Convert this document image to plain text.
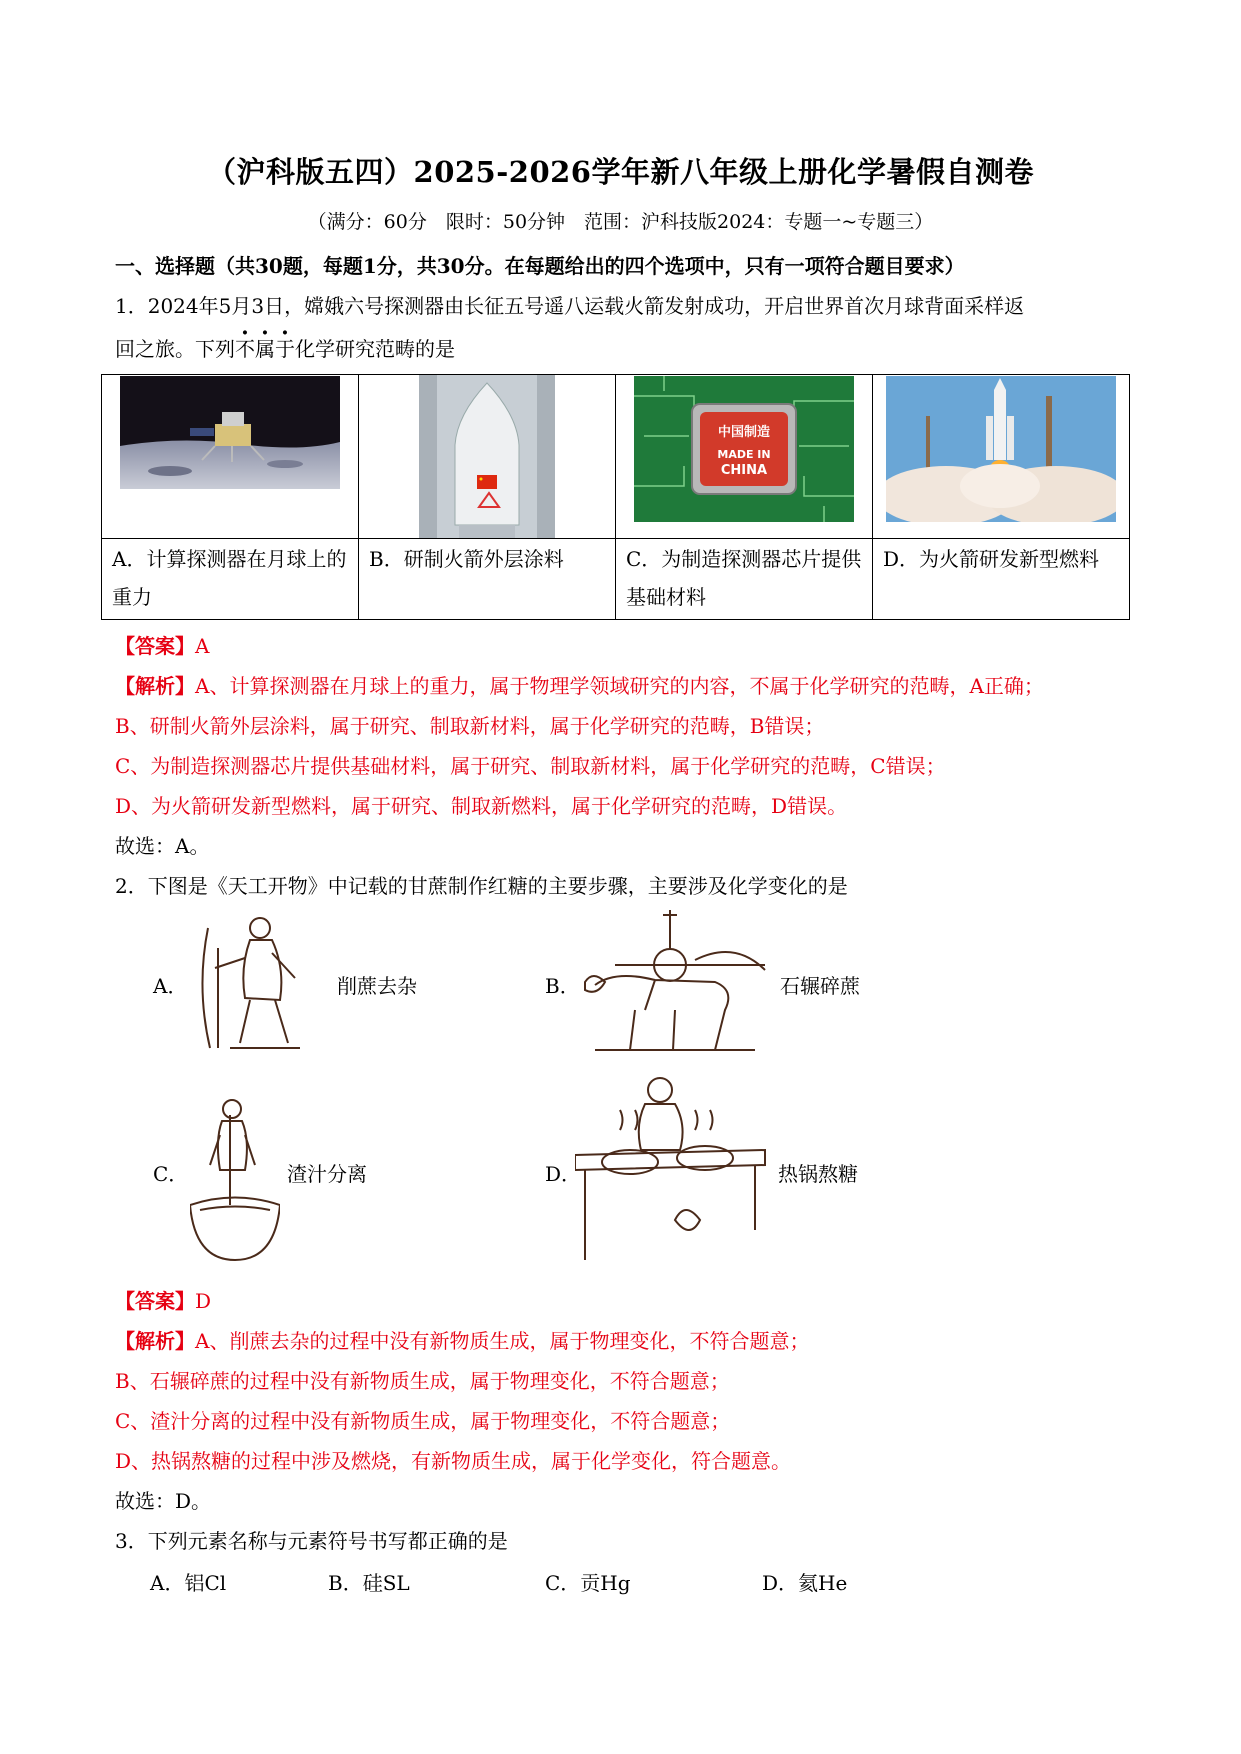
（沪科版五四）2025-2026学年新八年级上册化学暑假自测卷
（满分：60分　限时：50分钟　范围：沪科技版2024：专题一~专题三）
一、选择题（共30题，每题1分，共30分。在每题给出的四个选项中，只有一项符合题目要求）
1．2024年5月3日，嫦娥六号探测器由长征五号遥八运载火箭发射成功，开启世界首次月球背面采样返
回之旅。下列不属于化学研究范畴的是

中国制造
MADE IN
CHINA

A．计算探测器在月球上的重力	B．研制火箭外层涂料	C．为制造探测器芯片提供基础材料	D．为火箭研发新型燃料
【答案】A
【解析】A、计算探测器在月球上的重力，属于物理学领域研究的内容，不属于化学研究的范畴，A正确；
B、研制火箭外层涂料，属于研究、制取新材料，属于化学研究的范畴，B错误；
C、为制造探测器芯片提供基础材料，属于研究、制取新材料，属于化学研究的范畴，C错误；
D、为火箭研发新型燃料，属于研究、制取新燃料，属于化学研究的范畴，D错误。
故选：A。
2．下图是《天工开物》中记载的甘蔗制作红糖的主要步骤，主要涉及化学变化的是
A．	削蔗去杂	B．	石辗碎蔗
C．	渣汁分离	D．	热锅熬糖
【答案】D
【解析】A、削蔗去杂的过程中没有新物质生成，属于物理变化，不符合题意；
B、石辗碎蔗的过程中没有新物质生成，属于物理变化，不符合题意；
C、渣汁分离的过程中没有新物质生成，属于物理变化，不符合题意；
D、热锅熬糖的过程中涉及燃烧，有新物质生成，属于化学变化，符合题意。
故选：D。
3．下列元素名称与元素符号书写都正确的是
A．铝Cl	B．硅SL	C．贡Hg	D．氦He
